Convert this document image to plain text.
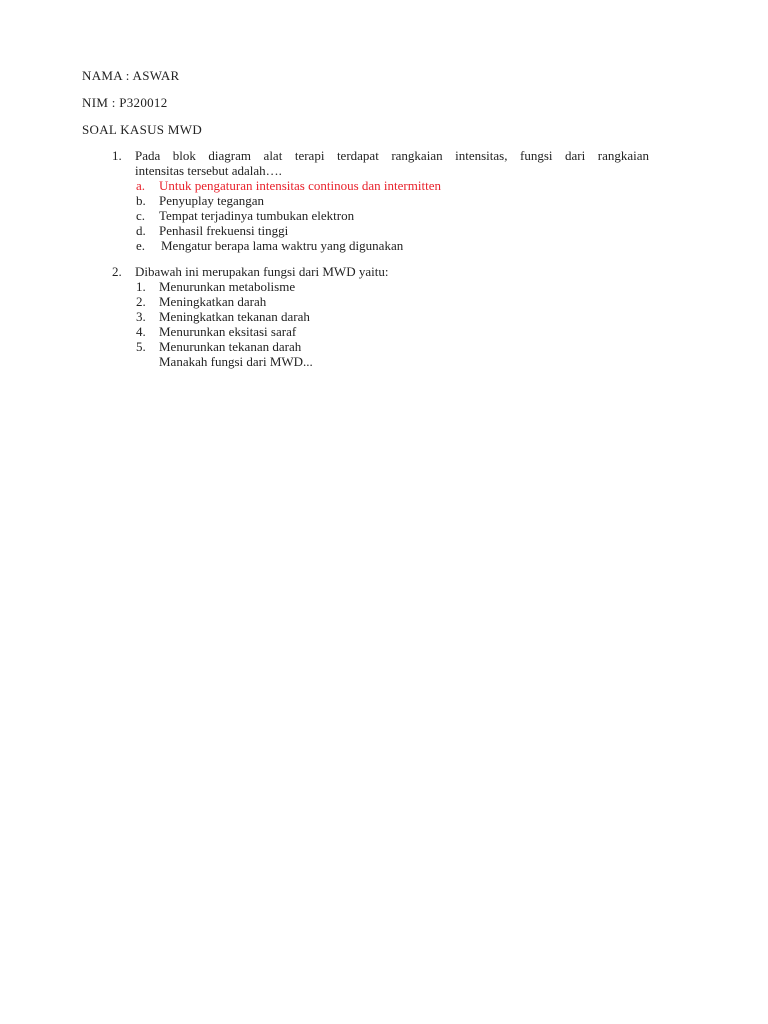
NAMA : ASWAR
NIM : P320012
SOAL KASUS MWD
1. Pada blok diagram alat terapi terdapat rangkaian intensitas, fungsi dari rangkaian
intensitas tersebut adalah….
a. Untuk pengaturan intensitas continous dan intermitten
b. Penyuplay tegangan
c. Tempat terjadinya tumbukan elektron
d. Penhasil frekuensi tinggi
e. Mengatur berapa lama waktru yang digunakan
2. Dibawah ini merupakan fungsi dari MWD yaitu:
1. Menurunkan metabolisme
2. Meningkatkan darah
3. Meningkatkan tekanan darah
4. Menurunkan eksitasi saraf
5. Menurunkan tekanan darah
Manakah fungsi dari MWD...
